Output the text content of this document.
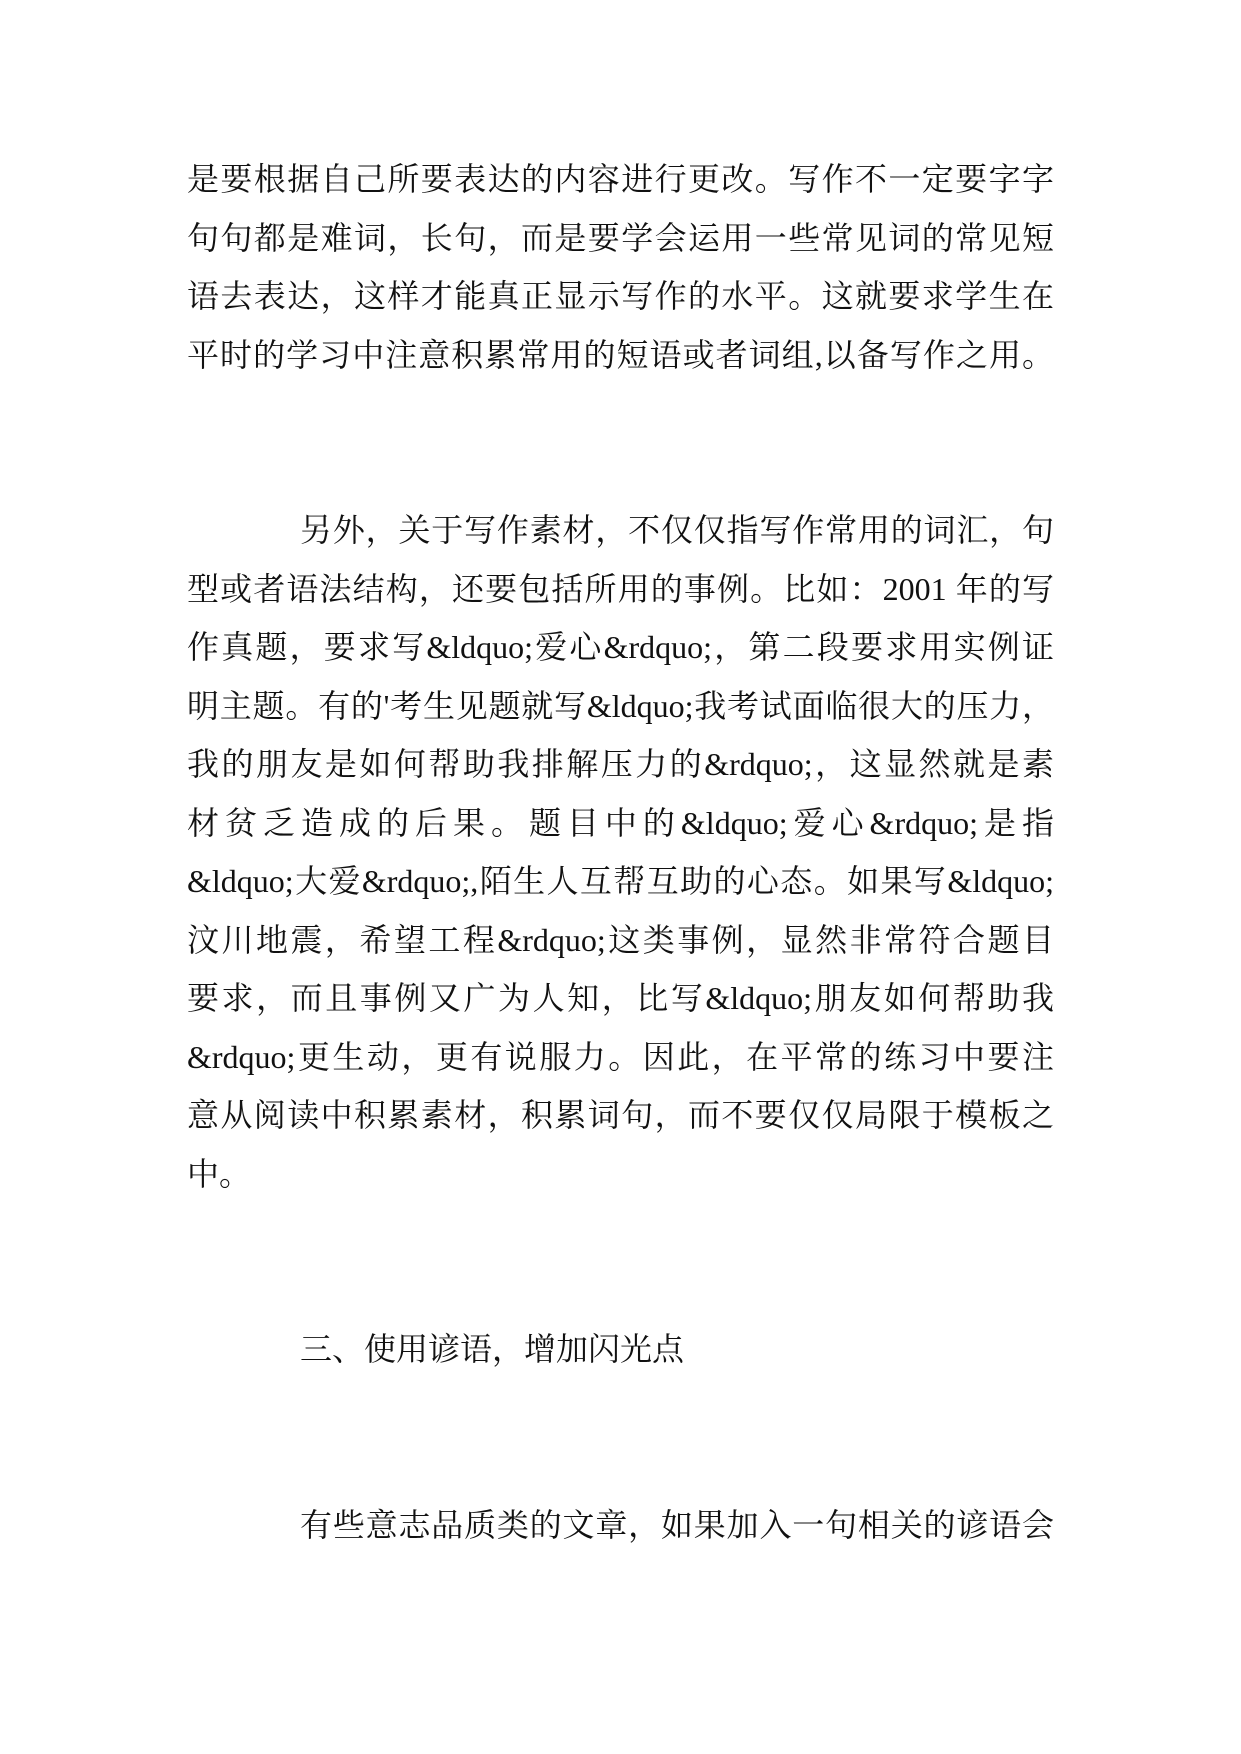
是要根据自己所要表达的内容进行更改。写作不一定要字字
句句都是难词，长句，而是要学会运用一些常见词的常见短
语去表达，这样才能真正显示写作的水平。这就要求学生在
平时的学习中注意积累常用的短语或者词组,以备写作之用。
另外，关于写作素材，不仅仅指写作常用的词汇，句
型或者语法结构，还要包括所用的事例。比如：2001 年的写
作真题，要求写&ldquo;爱心&rdquo;，第二段要求用实例证
明主题。有的'考生见题就写&ldquo;我考试面临很大的压力，
我的朋友是如何帮助我排解压力的&rdquo;，这显然就是素
材贫乏造成的后果。题目中的&ldquo;爱心&rdquo;是指
&ldquo;大爱&rdquo;,陌生人互帮互助的心态。如果写&ldquo;
汶川地震，希望工程&rdquo;这类事例，显然非常符合题目
要求，而且事例又广为人知，比写&ldquo;朋友如何帮助我
&rdquo;更生动，更有说服力。因此，在平常的练习中要注
意从阅读中积累素材，积累词句，而不要仅仅局限于模板之
中。
三、使用谚语，增加闪光点
有些意志品质类的文章，如果加入一句相关的谚语会
